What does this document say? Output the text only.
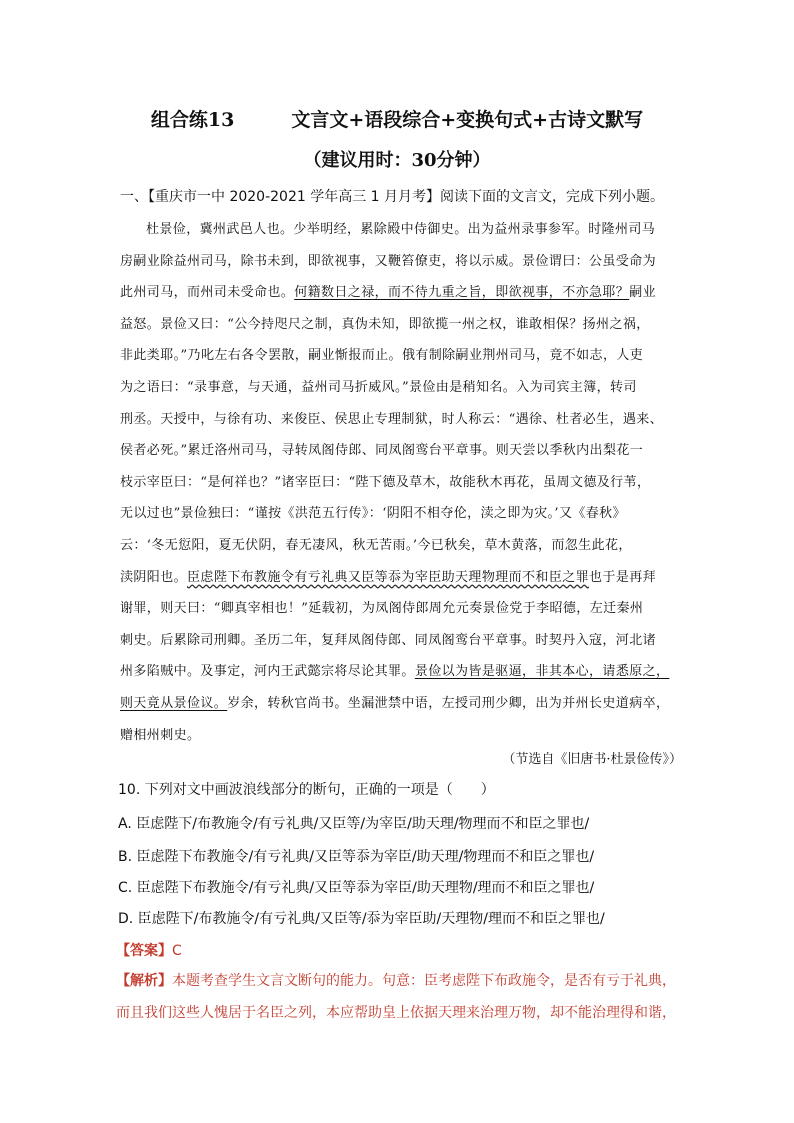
组合练13　　　文言文+语段综合+变换句式+古诗文默写
（建议用时：30分钟）
一、【重庆市一中 2020-2021 学年高三 1 月月考】阅读下面的文言文，完成下列小题。
杜景俭，冀州武邑人也。少举明经，累除殿中侍御史。出为益州录事参军。时隆州司马
房嗣业除益州司马，除书未到，即欲视事，又鞭笞僚吏，将以示威。景俭谓曰：公虽受命为
此州司马，而州司未受命也。何籍数日之禄，而不待九重之旨，即欲视事，不亦急耶？嗣业
益怒。景俭又曰：“公今持咫尺之制，真伪未知，即欲揽一州之权，谁敢相保？扬州之祸，
非此类耶。”乃叱左右各令罢散，嗣业惭报而止。俄有制除嗣业荆州司马，竟不如志，人吏
为之语曰：“录事意，与天通，益州司马折威风。”景俭由是稍知名。入为司宾主簿，转司
刑丞。天授中，与徐有功、来俊臣、侯思止专理制狱，时人称云：“遇徐、杜者必生，遇来、
侯者必死。”累迁洛州司马，寻转凤阁侍郎、同凤阁鸾台平章事。则天尝以季秋内出梨花一
枝示宰臣曰：“是何祥也？”诸宰臣曰：“陛下德及草木，故能秋木再花，虽周文德及行苇，
无以过也”景俭独曰：“谨按《洪范五行传》：‘阴阳不相夺伦，渎之即为灾。’又《春秋》
云：‘冬无愆阳，夏无伏阴，春无凄风，秋无苦雨。’今已秋矣，草木黄落，而忽生此花，
渎阴阳也。臣虑陛下布教施令有亏礼典又臣等忝为宰臣助天理物理而不和臣之罪也于是再拜
谢罪，则天曰：“卿真宰相也！”延载初，为凤阁侍郎周允元奏景俭党于李昭德，左迁秦州
刺史。后累除司刑卿。圣历二年，复拜凤阁侍郎、同凤阁鸾台平章事。时契丹入寇，河北诸
州多陷贼中。及事定，河内王武懿宗将尽论其罪。景俭以为皆是驱逼，非其本心，请悉原之，
则天竟从景俭议。岁余，转秋官尚书。坐漏泄禁中语，左授司刑少卿，出为并州长史道病卒，
赠相州刺史。
（节选自《旧唐书·杜景俭传》）
10. 下列对文中画波浪线部分的断句，正确的一项是（　　）
A. 臣虑陛下/布教施令/有亏礼典/又臣等/为宰臣/助天理/物理而不和臣之罪也/
B. 臣虑陛下布教施令/有亏礼典/又臣等忝为宰臣/助天理/物理而不和臣之罪也/
C. 臣虑陛下布教施令/有亏礼典/又臣等忝为宰臣/助天理物/理而不和臣之罪也/
D. 臣虑陛下/布教施令/有亏礼典/又臣等/忝为宰臣助/天理物/理而不和臣之罪也/
【答案】C
【解析】本题考查学生文言文断句的能力。句意：臣考虑陛下布政施令，是否有亏于礼典，
而且我们这些人愧居于名臣之列，本应帮助皇上依据天理来治理万物，却不能治理得和谐，
